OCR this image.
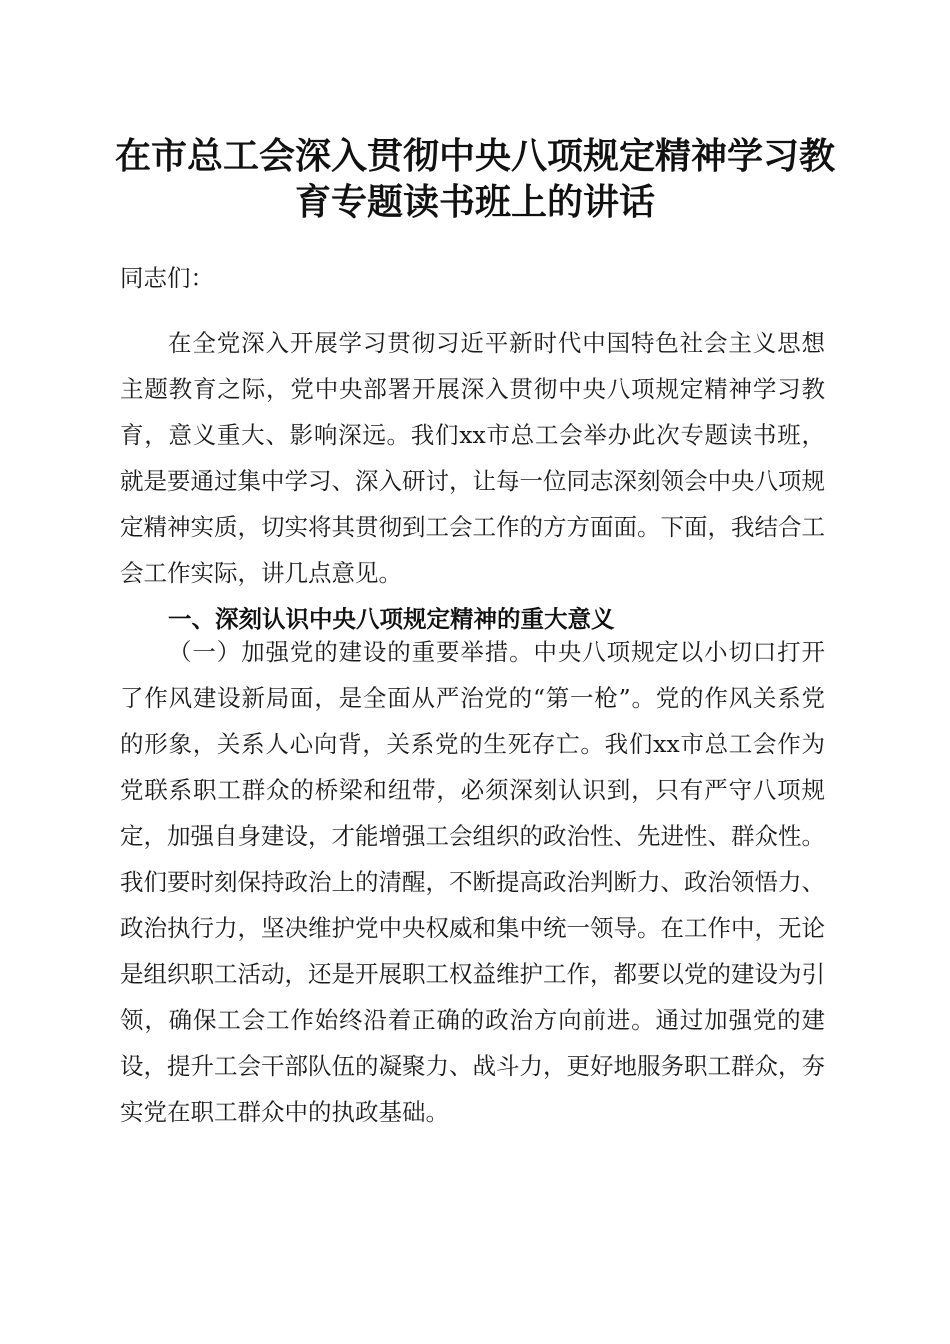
在市总工会深入贯彻中央八项规定精神学习教
育专题读书班上的讲话

同志们：

在全党深入开展学习贯彻习近平新时代中国特色社会主义思想主题教育之际，党中央部署开展深入贯彻中央八项规定精神学习教育，意义重大、影响深远。我们xx市总工会举办此次专题读书班，就是要通过集中学习、深入研讨，让每一位同志深刻领会中央八项规定精神实质，切实将其贯彻到工会工作的方方面面。下面，我结合工会工作实际，讲几点意见。

一、深刻认识中央八项规定精神的重大意义

（一）加强党的建设的重要举措。中央八项规定以小切口打开了作风建设新局面，是全面从严治党的“第一枪”。党的作风关系党的形象，关系人心向背，关系党的生死存亡。我们xx市总工会作为党联系职工群众的桥梁和纽带，必须深刻认识到，只有严守八项规定，加强自身建设，才能增强工会组织的政治性、先进性、群众性。我们要时刻保持政治上的清醒，不断提高政治判断力、政治领悟力、政治执行力，坚决维护党中央权威和集中统一领导。在工作中，无论是组织职工活动，还是开展职工权益维护工作，都要以党的建设为引领，确保工会工作始终沿着正确的政治方向前进。通过加强党的建设，提升工会干部队伍的凝聚力、战斗力，更好地服务职工群众，夯实党在职工群众中的执政基础。
